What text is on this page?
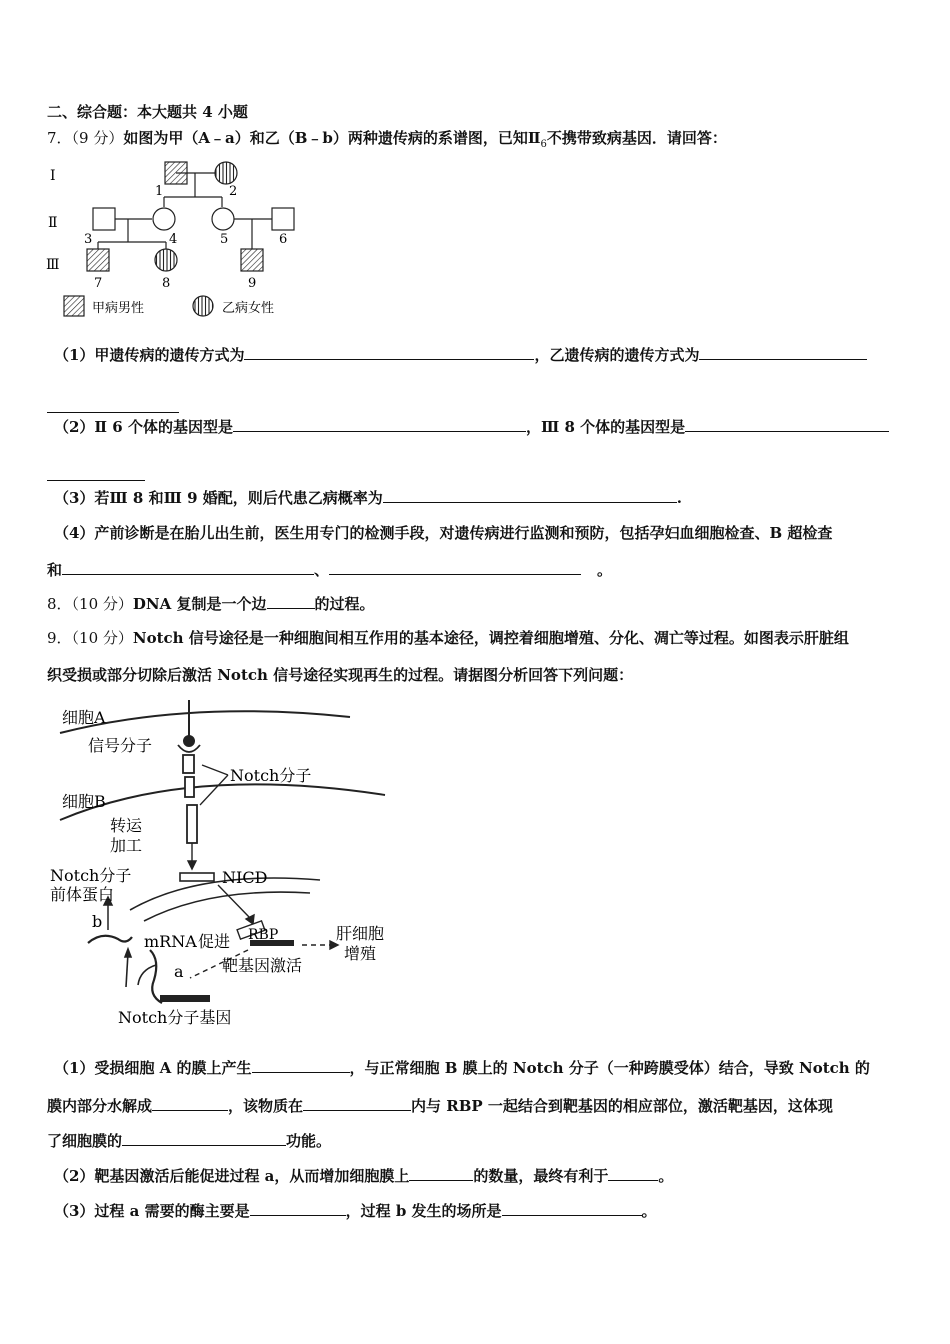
二、综合题：本大题共 4 小题
7．（9 分）如图为甲（A﹣a）和乙（B﹣b）两种遗传病的系谱图，已知$Ⅱ_6$不携带致病基因．请回答：
Ⅰ
Ⅱ
Ⅲ
1	2
3	4	5	6
7	8	9
甲病男性	乙病女性
（1）甲遗传病的遗传方式为	，乙遗传病的遗传方式为
（2）Ⅱ 6 个体的基因型是	，Ⅲ 8 个体的基因型是
（3）若Ⅲ 8 和Ⅲ 9 婚配，则后代患乙病概率为	.
（4）产前诊断是在胎儿出生前，医生用专门的检测手段，对遗传病进行监测和预防，包括孕妇血细胞检查、B 超检查
和	、	。
8．（10 分）DNA 复制是一个边	的过程。
9．（10 分）Notch 信号途径是一种细胞间相互作用的基本途径，调控着细胞增殖、分化、凋亡等过程。如图表示肝脏组
织受损或部分切除后激活 Notch 信号途径实现再生的过程。请据图分析回答下列问题：
细胞A
信号分子
Notch分子
细胞B
转运
加工
NICD
Notch分子
前体蛋白
b
mRNA 促进 RBP	肝细胞
增殖
a 靶基因激活
Notch分子基因
（1）受损细胞 A 的膜上产生	，与正常细胞 B 膜上的 Notch 分子（一种跨膜受体）结合，导致 Notch 的
膜内部分水解成	，该物质在	内与 RBP 一起结合到靶基因的相应部位，激活靶基因，这体现
了细胞膜的	功能。
（2）靶基因激活后能促进过程 a，从而增加细胞膜上	的数量，最终有利于	。
（3）过程 a 需要的酶主要是	，过程 b 发生的场所是	。
